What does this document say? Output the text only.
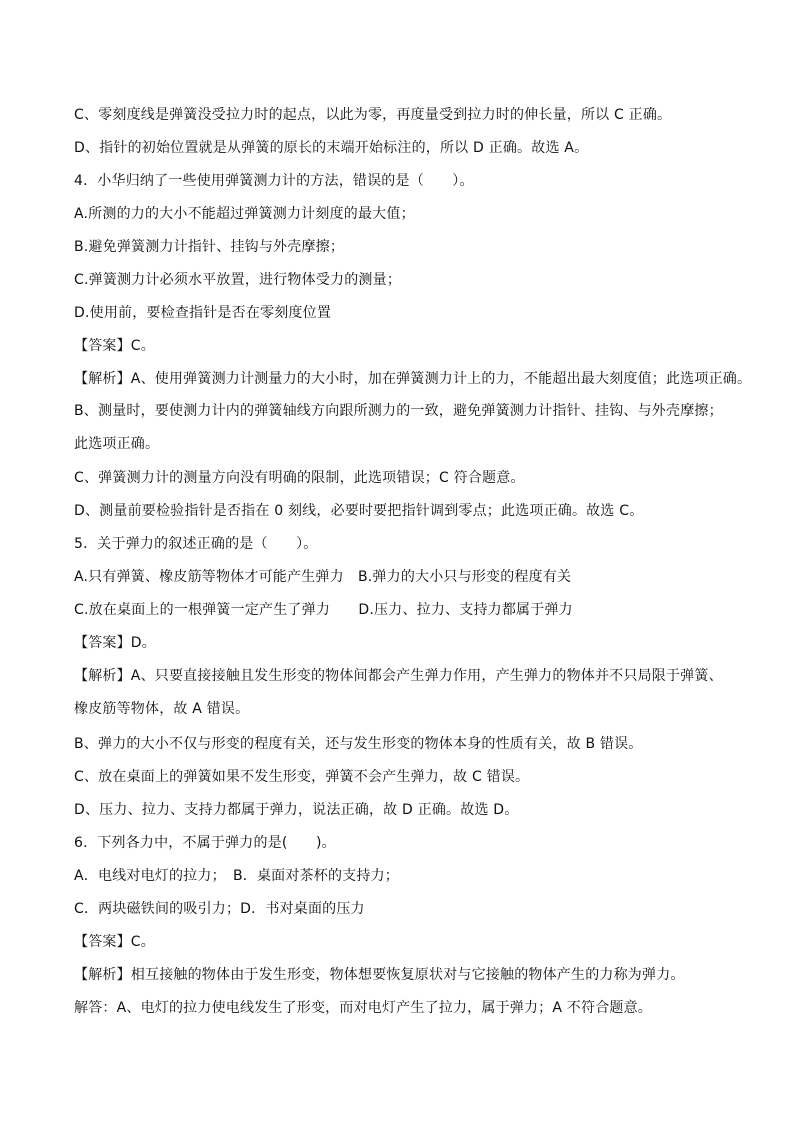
C、零刻度线是弹簧没受拉力时的起点，以此为零，再度量受到拉力时的伸长量，所以 C 正确。
D、指针的初始位置就是从弹簧的原长的末端开始标注的，所以 D 正确。故选 A。
4．小华归纳了一些使用弹簧测力计的方法，错误的是（　　）。
A.所测的力的大小不能超过弹簧测力计刻度的最大值；
B.避免弹簧测力计指针、挂钩与外壳摩擦；
C.弹簧测力计必须水平放置，进行物体受力的测量；
D.使用前，要检查指针是否在零刻度位置
【答案】C。
【解析】A、使用弹簧测力计测量力的大小时，加在弹簧测力计上的力，不能超出最大刻度值；此选项正确。
B、测量时，要使测力计内的弹簧轴线方向跟所测力的一致，避免弹簧测力计指针、挂钩、与外壳摩擦；此选项正确。
C、弹簧测力计的测量方向没有明确的限制，此选项错误；C 符合题意。
D、测量前要检验指针是否指在 0 刻线，必要时要把指针调到零点；此选项正确。故选 C。
5．关于弹力的叙述正确的是（　　）。
A.只有弹簧、橡皮筋等物体才可能产生弹力　B.弹力的大小只与形变的程度有关
C.放在桌面上的一根弹簧一定产生了弹力　　D.压力、拉力、支持力都属于弹力
【答案】D。
【解析】A、只要直接接触且发生形变的物体间都会产生弹力作用，产生弹力的物体并不只局限于弹簧、橡皮筋等物体，故 A 错误。
B、弹力的大小不仅与形变的程度有关，还与发生形变的物体本身的性质有关，故 B 错误。
C、放在桌面上的弹簧如果不发生形变，弹簧不会产生弹力，故 C 错误。
D、压力、拉力、支持力都属于弹力，说法正确，故 D 正确。故选 D。
6．下列各力中，不属于弹力的是(　　)。
A．电线对电灯的拉力；　B．桌面对茶杯的支持力；
C．两块磁铁间的吸引力；D．书对桌面的压力
【答案】C。
【解析】相互接触的物体由于发生形变，物体想要恢复原状对与它接触的物体产生的力称为弹力。
解答：A、电灯的拉力使电线发生了形变，而对电灯产生了拉力，属于弹力；A 不符合题意。
